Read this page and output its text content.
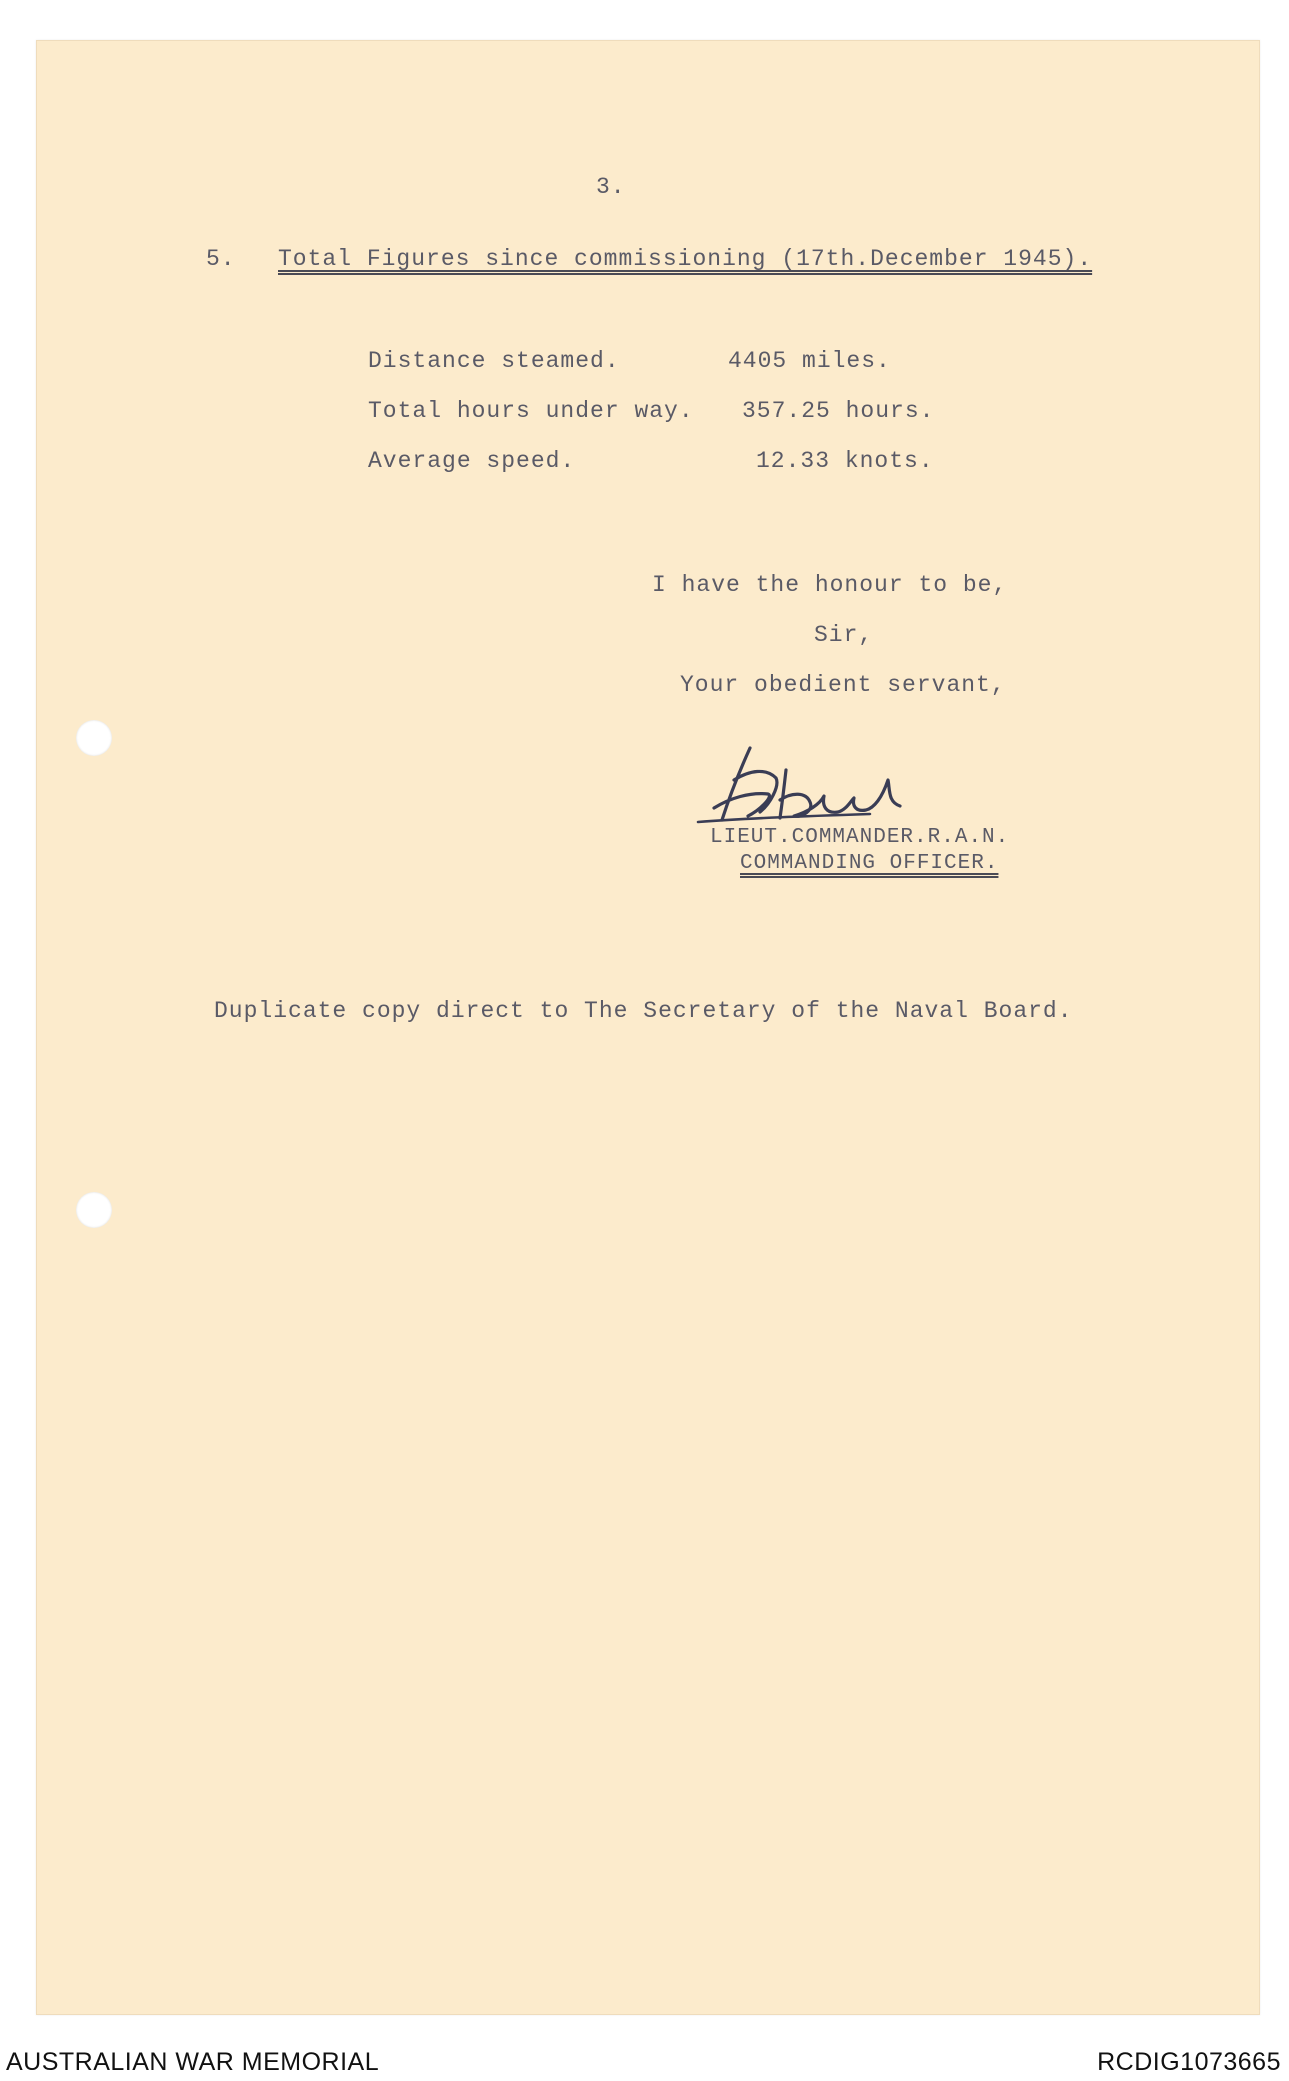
3.
5. Total Figures since commissioning (17th.December 1945).
Distance steamed.	4405 miles.
Total hours under way. 357.25 hours.
Average speed.	12.33 knots.
I have the honour to be,
Sir,
Your obedient servant,
LIEUT.COMMANDER.R.A.N.
COMMANDING OFFICER.
Duplicate copy direct to The Secretary of the Naval Board.
AUSTRALIAN WAR MEMORIAL	RCDIG1073665
